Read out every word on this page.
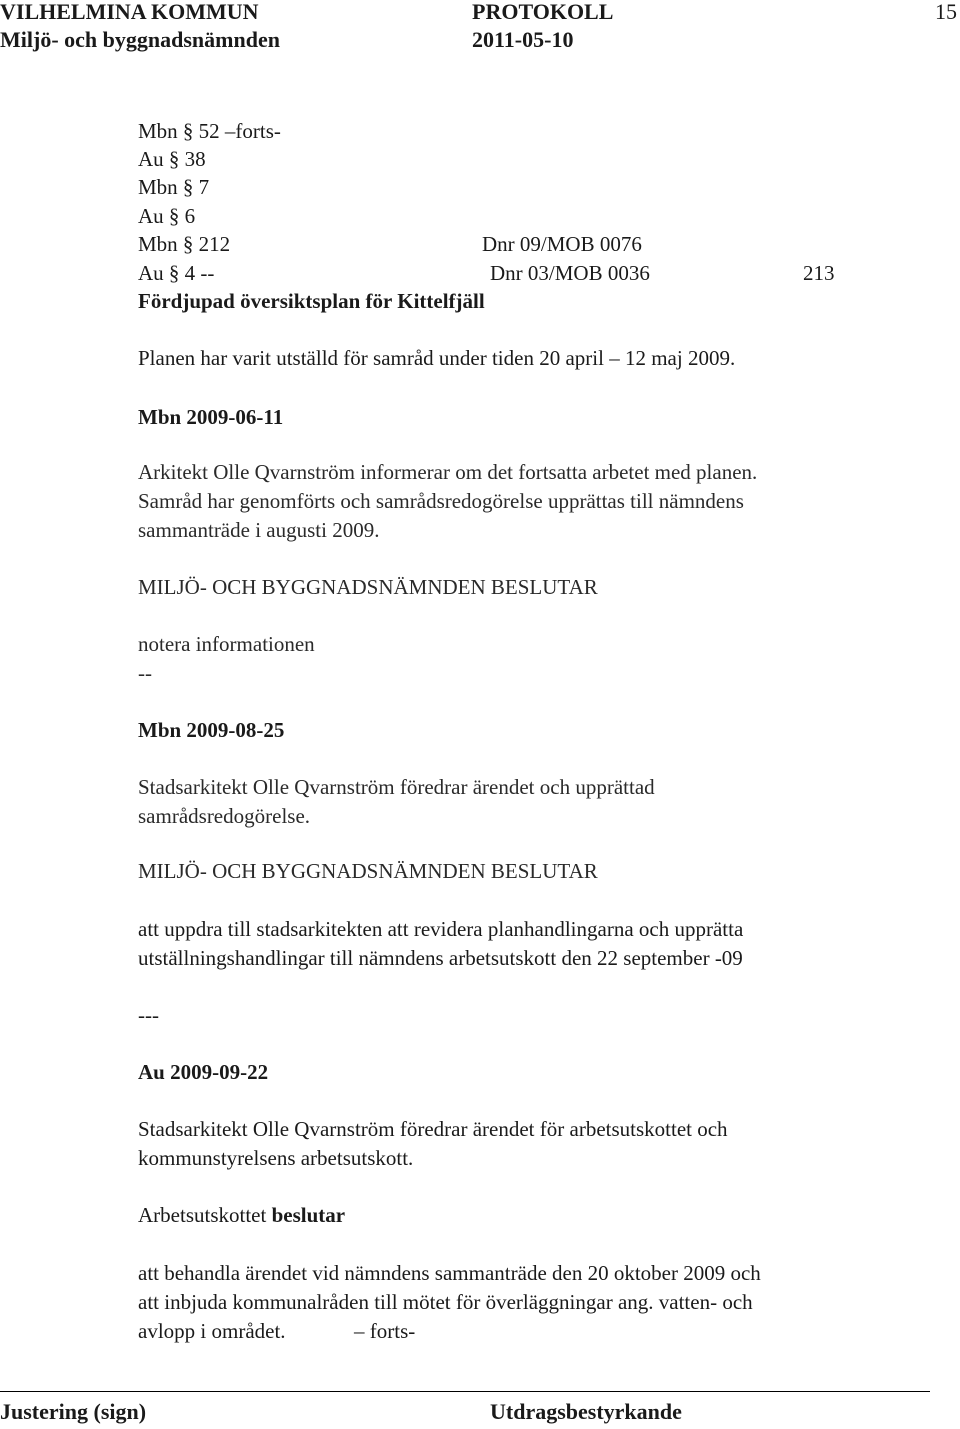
VILHELMINA KOMMUN	PROTOKOLL	15
Miljö- och byggnadsnämnden	2011-05-10
Mbn § 52 –forts-
Au § 38
Mbn § 7
Au § 6
Mbn § 212	Dnr 09/MOB 0076
Au § 4 --	Dnr 03/MOB 0036	213
Fördjupad översiktsplan för Kittelfjäll
Planen har varit utställd för samråd under tiden 20 april – 12 maj 2009.
Mbn 2009-06-11
Arkitekt Olle Qvarnström informerar om det fortsatta arbetet med planen.
Samråd har genomförts och samrådsredogörelse upprättas till nämndens
sammanträde i augusti 2009.
MILJÖ- OCH BYGGNADSNÄMNDEN BESLUTAR
notera informationen
--
Mbn 2009-08-25
Stadsarkitekt Olle Qvarnström föredrar ärendet och upprättad
samrådsredogörelse.
MILJÖ- OCH BYGGNADSNÄMNDEN BESLUTAR
att uppdra till stadsarkitekten att revidera planhandlingarna och upprätta
utställningshandlingar till nämndens arbetsutskott den 22 september -09
---
Au 2009-09-22
Stadsarkitekt Olle Qvarnström föredrar ärendet för arbetsutskottet och
kommunstyrelsens arbetsutskott.
Arbetsutskottet beslutar
att behandla ärendet vid nämndens sammanträde den 20 oktober 2009 och
att inbjuda kommunalråden till mötet för överläggningar ang. vatten- och
avlopp i området.	– forts-
Justering (sign)	Utdragsbestyrkande
